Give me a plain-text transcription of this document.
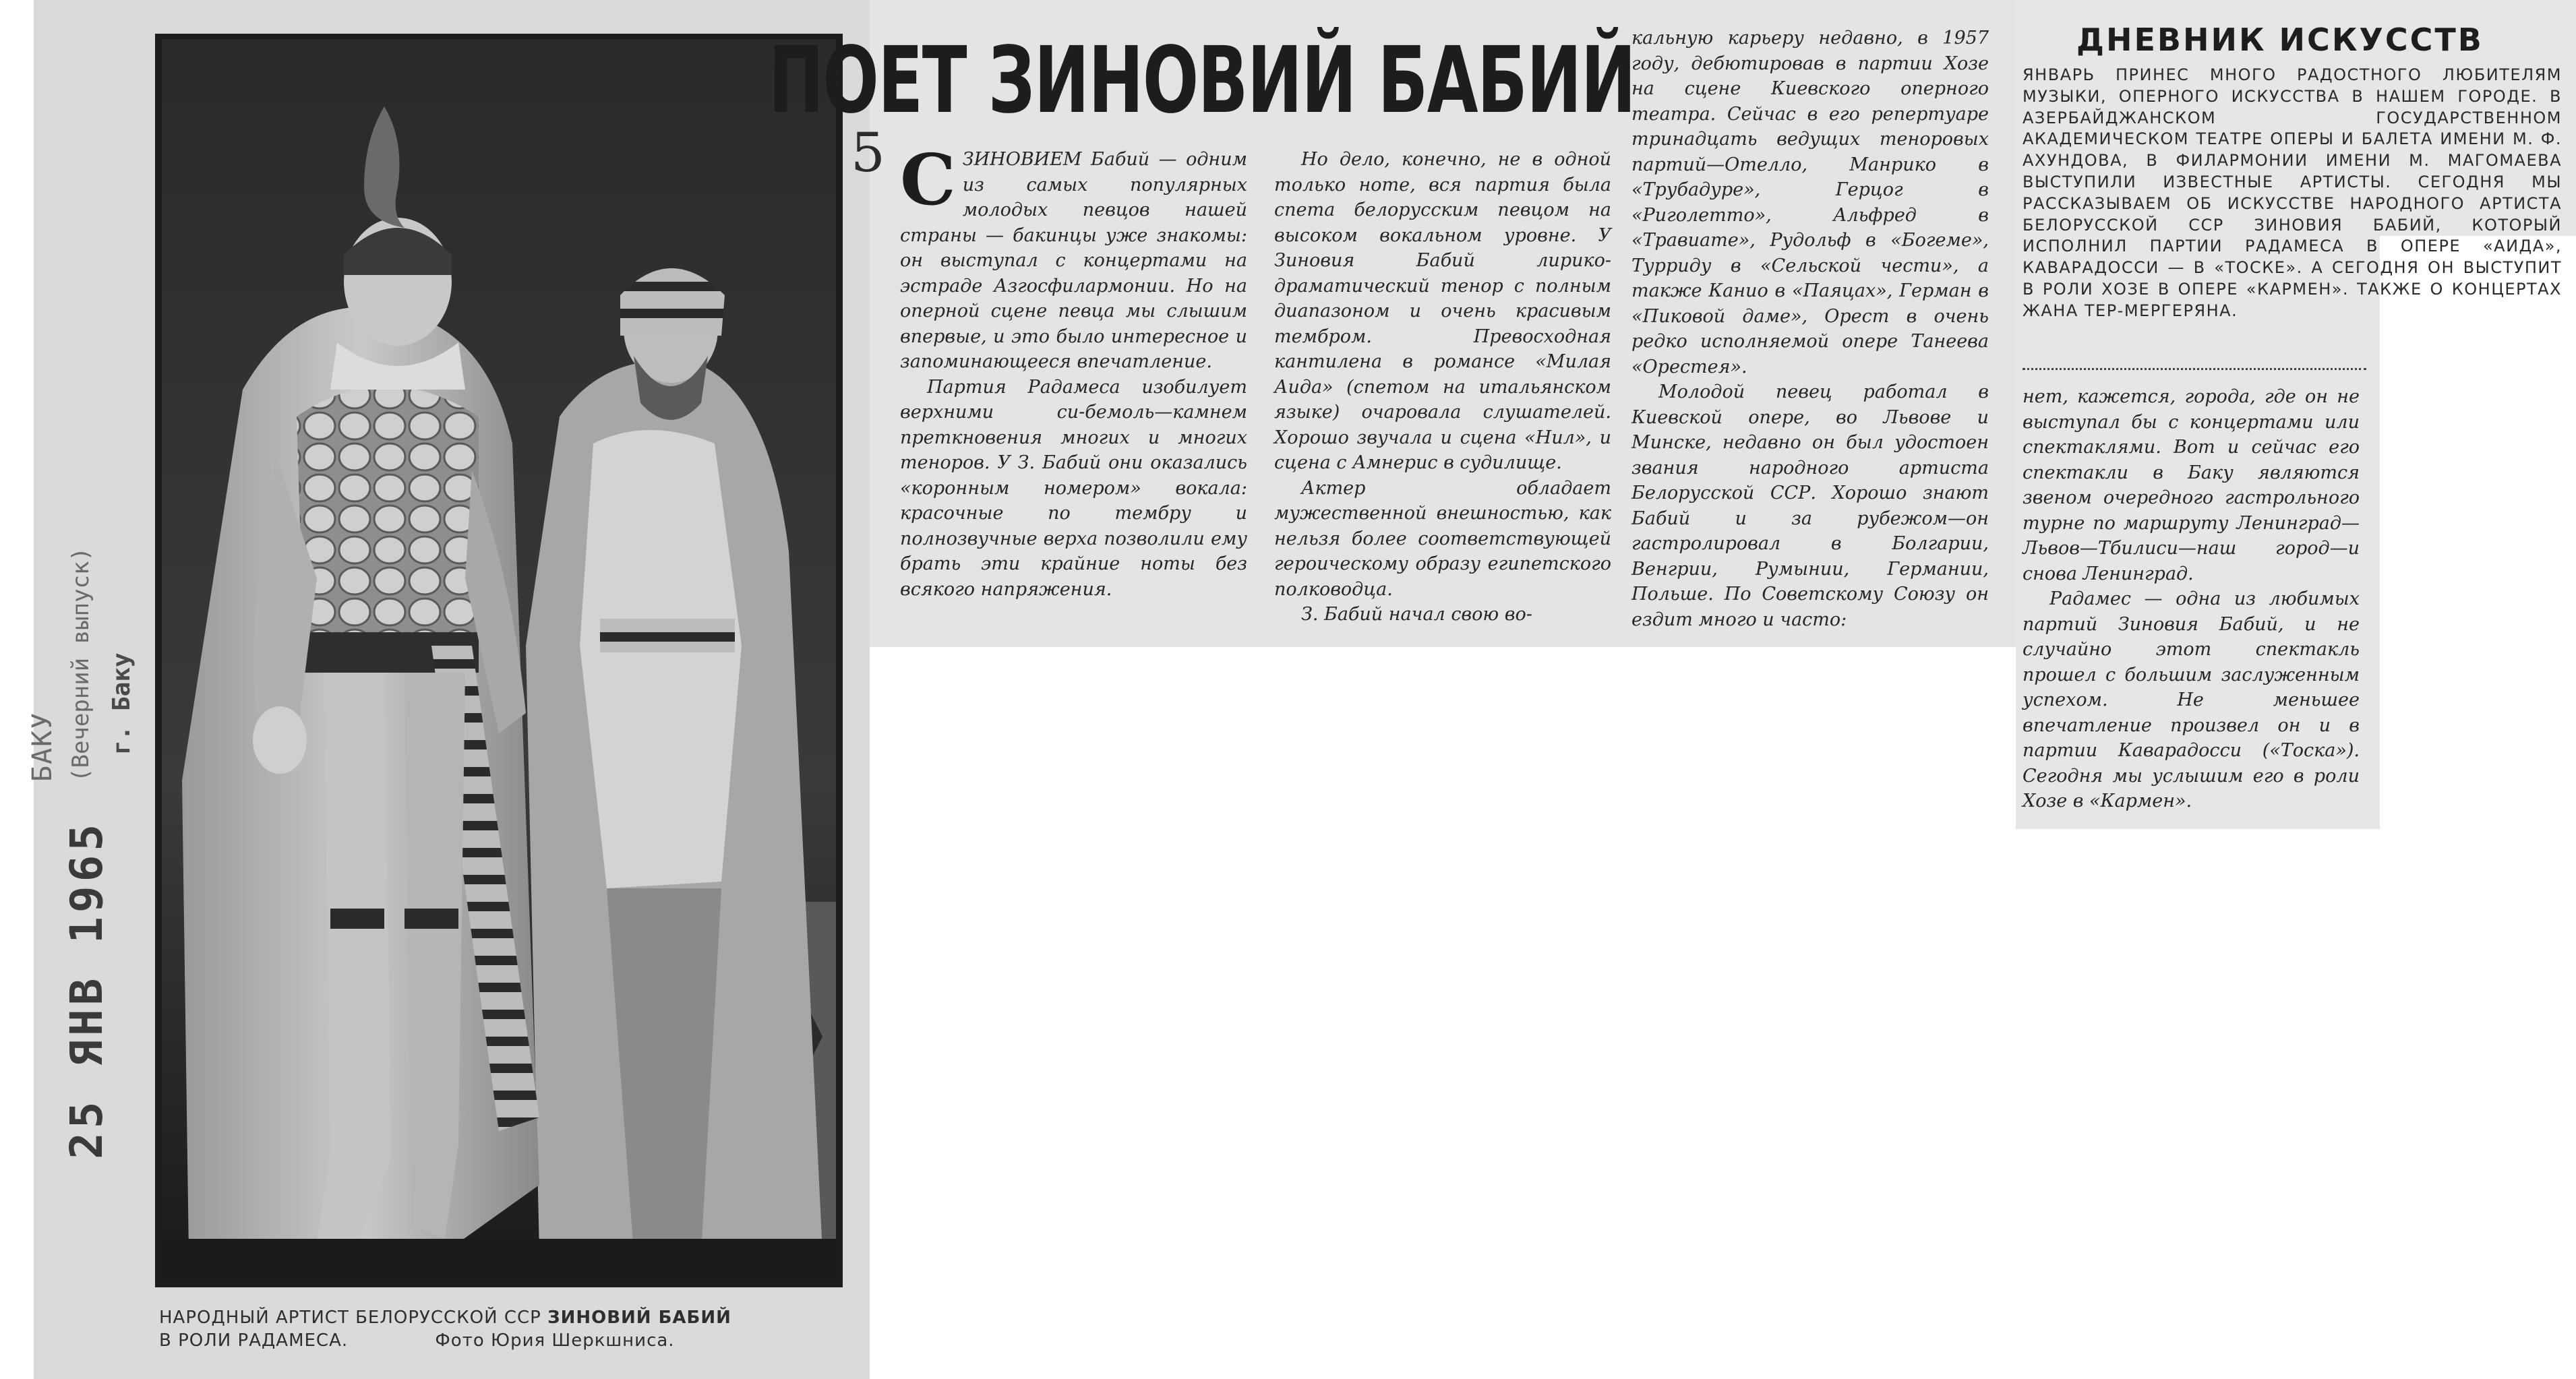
25 ЯНВ 1965
БАКУ (Вечерний выпуск) г. Баку
НАРОДНЫЙ АРТИСТ БЕЛОРУССКОЙ ССР ЗИНОВИЙ БАБИЙ
В РОЛИ РАДАМЕСА.	Фото Юрия Шеркшниса.
ПОЕТ ЗИНОВИЙ БАБИЙ
5 С ЗИНОВИЕМ Бабий — одним из самых популярных молодых певцов нашей страны — бакинцы уже знакомы: он выступал с концертами на эстраде Азгосфилармонии. Но на оперной сцене певца мы слышим впервые, и это было интересное и запоминающееся впечатление.

Партия Радамеса изобилует верхними си-бемоль—камнем преткновения многих и многих теноров. У З. Бабий они оказались «коронным номером» вокала: красочные по тембру и полнозвучные верха позволили ему брать эти крайние ноты без всякого напряжения.

Но дело, конечно, не в одной только ноте, вся партия была спета белорусским певцом на высоком вокальном уровне. У Зиновия Бабий лирико-драматический тенор с полным диапазоном и очень красивым тембром. Превосходная кантилена в романсе «Милая Аида» (спетом на итальянском языке) очаровала слушателей. Хорошо звучала и сцена «Нил», и сцена с Амнерис в судилище.

Актер обладает мужественной внешностью, как нельзя более соответствующей героическому образу египетского полководца.

З. Бабий начал свою во-

кальную карьеру недавно, в 1957 году, дебютировав в партии Хозе на сцене Киевского оперного театра. Сейчас в его репертуаре тринадцать ведущих теноровых партий—Отелло, Манрико в «Трубадуре», Герцог в «Риголетто», Альфред в «Травиате», Рудольф в «Богеме», Турриду в «Сельской чести», а также Канио в «Паяцах», Герман в «Пиковой даме», Орест в очень редко исполняемой опере Танеева «Орестея».

Молодой певец работал в Киевской опере, во Львове и Минске, недавно он был удостоен звания народного артиста Белорусской ССР. Хорошо знают Бабий и за рубежом—он гастролировал в Болгарии, Венгрии, Румынии, Германии, Польше. По Советскому Союзу он ездит много и часто:

ДНЕВНИК ИСКУССТВ
ЯНВАРЬ ПРИНЕС МНОГО РАДОСТНОГО ЛЮБИТЕЛЯМ МУЗЫКИ, ОПЕРНОГО ИСКУССТВА В НАШЕМ ГОРОДЕ. В АЗЕРБАЙДЖАНСКОМ ГОСУДАРСТВЕННОМ АКАДЕМИЧЕСКОМ ТЕАТРЕ ОПЕРЫ И БАЛЕТА ИМЕНИ М. Ф. АХУНДОВА, В ФИЛАРМОНИИ ИМЕНИ М. МАГОМАЕВА ВЫСТУПИЛИ ИЗВЕСТНЫЕ АРТИСТЫ. СЕГОДНЯ МЫ РАССКАЗЫВАЕМ ОБ ИСКУССТВЕ НАРОДНОГО АРТИСТА БЕЛОРУССКОЙ ССР ЗИНОВИЯ БАБИЙ, КОТОРЫЙ ИСПОЛНИЛ ПАРТИИ РАДАМЕСА В ОПЕРЕ «АИДА», КАВАРАДОССИ — В «ТОСКЕ». А СЕГОДНЯ ОН ВЫСТУПИТ В РОЛИ ХОЗЕ В ОПЕРЕ «КАРМЕН». ТАКЖЕ О КОНЦЕРТАХ ЖАНА ТЕР-МЕРГЕРЯНА.

нет, кажется, города, где он не выступал бы с концертами или спектаклями. Вот и сейчас его спектакли в Баку являются звеном очередного гастрольного турне по маршруту Ленинград—Львов—Тбилиси—наш город—и снова Ленинград.

Радамес — одна из любимых партий Зиновия Бабий, и не случайно этот спектакль прошел с большим заслуженным успехом. Не меньшее впечатление произвел он и в партии Каварадосси («Тоска»). Сегодня мы услышим его в роли Хозе в «Кармен».
